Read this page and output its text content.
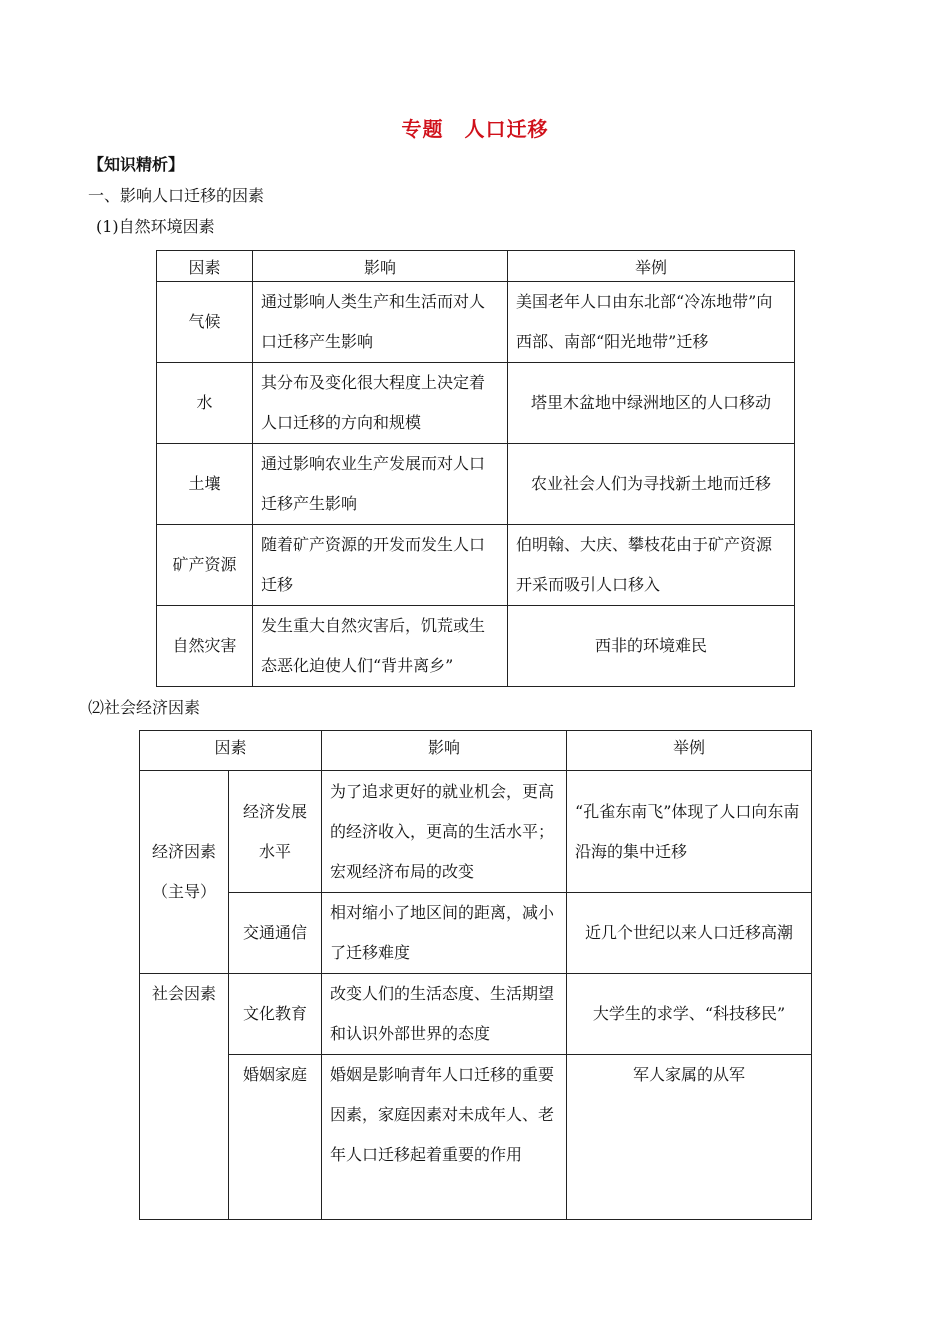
专题　人口迁移
【知识精析】
一、影响人口迁移的因素
(1)自然环境因素
因素	影响	举例
气候	通过影响人类生产和生活而对人口迁移产生影响	美国老年人口由东北部“冷冻地带”向西部、南部“阳光地带”迁移
水	其分布及变化很大程度上决定着人口迁移的方向和规模	塔里木盆地中绿洲地区的人口移动
土壤	通过影响农业生产发展而对人口迁移产生影响	农业社会人们为寻找新土地而迁移
矿产资源	随着矿产资源的开发而发生人口迁移	伯明翰、大庆、攀枝花由于矿产资源开采而吸引人口移入
自然灾害	发生重大自然灾害后，饥荒或生态恶化迫使人们“背井离乡”	西非的环境难民
⑵社会经济因素
因素		影响	举例

经济因素
（主导）	经济发展水平	为了追求更好的就业机会，更高的经济收入，更高的生活水平；宏观经济布局的改变	“孔雀东南飞”体现了人口向东南沿海的集中迁移
	交通通信	相对缩小了地区间的距离，减小了迁移难度	近几个世纪以来人口迁移高潮
社会因素	文化教育	改变人们的生活态度、生活期望和认识外部世界的态度	大学生的求学、“科技移民”
	婚姻家庭	婚姻是影响青年人口迁移的重要因素，家庭因素对未成年人、老年人口迁移起着重要的作用	军人家属的从军
